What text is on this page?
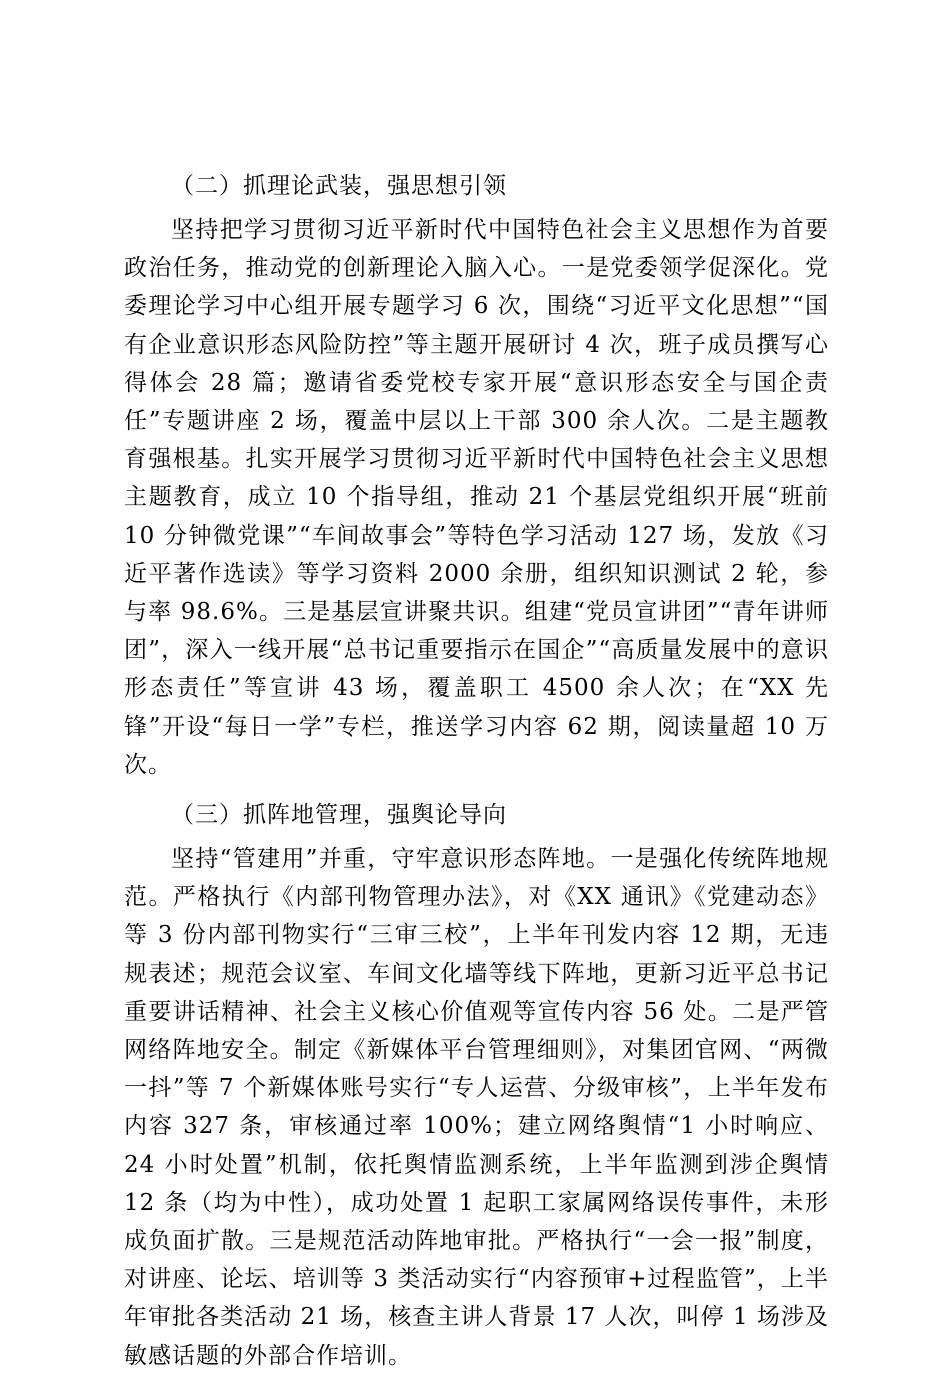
（二）抓理论武装，强思想引领

坚持把学习贯彻习近平新时代中国特色社会主义思想作为首要政治任务，推动党的创新理论入脑入心。一是党委领学促深化。党委理论学习中心组开展专题学习 6 次，围绕“习近平文化思想”“国有企业意识形态风险防控”等主题开展研讨 4 次，班子成员撰写心得体会 28 篇；邀请省委党校专家开展“意识形态安全与国企责任”专题讲座 2 场，覆盖中层以上干部 300 余人次。二是主题教育强根基。扎实开展学习贯彻习近平新时代中国特色社会主义思想主题教育，成立 10 个指导组，推动 21 个基层党组织开展“班前 10 分钟微党课”“车间故事会”等特色学习活动 127 场，发放《习近平著作选读》等学习资料 2000 余册，组织知识测试 2 轮，参与率 98.6%。三是基层宣讲聚共识。组建“党员宣讲团”“青年讲师团”，深入一线开展“总书记重要指示在国企”“高质量发展中的意识形态责任”等宣讲 43 场，覆盖职工 4500 余人次；在“XX 先锋”开设“每日一学”专栏，推送学习内容 62 期，阅读量超 10 万次。

（三）抓阵地管理，强舆论导向

坚持“管建用”并重，守牢意识形态阵地。一是强化传统阵地规范。严格执行《内部刊物管理办法》，对《XX 通讯》《党建动态》等 3 份内部刊物实行“三审三校”，上半年刊发内容 12 期，无违规表述；规范会议室、车间文化墙等线下阵地，更新习近平总书记重要讲话精神、社会主义核心价值观等宣传内容 56 处。二是严管网络阵地安全。制定《新媒体平台管理细则》，对集团官网、“两微一抖”等 7 个新媒体账号实行“专人运营、分级审核”，上半年发布内容 327 条，审核通过率 100%；建立网络舆情“1 小时响应、24 小时处置”机制，依托舆情监测系统，上半年监测到涉企舆情 12 条（均为中性），成功处置 1 起职工家属网络误传事件，未形成负面扩散。三是规范活动阵地审批。严格执行“一会一报”制度，对讲座、论坛、培训等 3 类活动实行“内容预审+过程监管”，上半年审批各类活动 21 场，核查主讲人背景 17 人次，叫停 1 场涉及敏感话题的外部合作培训。
